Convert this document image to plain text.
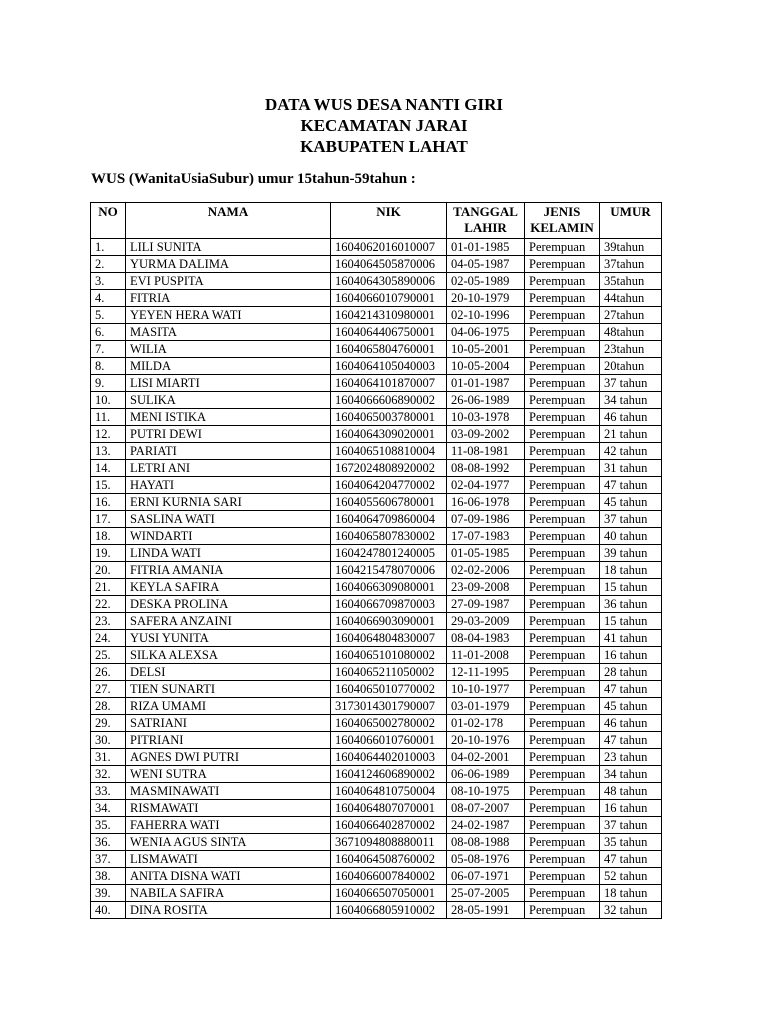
DATA WUS DESA NANTI GIRI
KECAMATAN JARAI
KABUPATEN LAHAT
WUS (WanitaUsiaSubur) umur 15tahun-59tahun :
NO	NAMA	NIK	TANGGAL LAHIR	JENIS KELAMIN	UMUR
1.	LILI SUNITA	1604062016010007	01-01-1985	Perempuan	39tahun
2.	YURMA DALIMA	1604064505870006	04-05-1987	Perempuan	37tahun
3.	EVI PUSPITA	1604064305890006	02-05-1989	Perempuan	35tahun
4.	FITRIA	1604066010790001	20-10-1979	Perempuan	44tahun
5.	YEYEN HERA WATI	1604214310980001	02-10-1996	Perempuan	27tahun
6.	MASITA	1604064406750001	04-06-1975	Perempuan	48tahun
7.	WILIA	1604065804760001	10-05-2001	Perempuan	23tahun
8.	MILDA	1604064105040003	10-05-2004	Perempuan	20tahun
9.	LISI MIARTI	1604064101870007	01-01-1987	Perempuan	37 tahun
10.	SULIKA	1604066606890002	26-06-1989	Perempuan	34 tahun
11.	MENI ISTIKA	1604065003780001	10-03-1978	Perempuan	46 tahun
12.	PUTRI DEWI	1604064309020001	03-09-2002	Perempuan	21 tahun
13.	PARIATI	1604065108810004	11-08-1981	Perempuan	42 tahun
14.	LETRI ANI	1672024808920002	08-08-1992	Perempuan	31 tahun
15.	HAYATI	1604064204770002	02-04-1977	Perempuan	47 tahun
16.	ERNI KURNIA SARI	1604055606780001	16-06-1978	Perempuan	45 tahun
17.	SASLINA WATI	1604064709860004	07-09-1986	Perempuan	37 tahun
18.	WINDARTI	1604065807830002	17-07-1983	Perempuan	40 tahun
19.	LINDA WATI	1604247801240005	01-05-1985	Perempuan	39 tahun
20.	FITRIA AMANIA	1604215478070006	02-02-2006	Perempuan	18 tahun
21.	KEYLA SAFIRA	1604066309080001	23-09-2008	Perempuan	15 tahun
22.	DESKA PROLINA	1604066709870003	27-09-1987	Perempuan	36 tahun
23.	SAFERA ANZAINI	1604066903090001	29-03-2009	Perempuan	15 tahun
24.	YUSI YUNITA	1604064804830007	08-04-1983	Perempuan	41 tahun
25.	SILKA ALEXSA	1604065101080002	11-01-2008	Perempuan	16 tahun
26.	DELSI	1604065211050002	12-11-1995	Perempuan	28 tahun
27.	TIEN SUNARTI	1604065010770002	10-10-1977	Perempuan	47 tahun
28.	RIZA UMAMI	3173014301790007	03-01-1979	Perempuan	45 tahun
29.	SATRIANI	1604065002780002	01-02-178	Perempuan	46 tahun
30.	PITRIANI	1604066010760001	20-10-1976	Perempuan	47 tahun
31.	AGNES DWI PUTRI	1604064402010003	04-02-2001	Perempuan	23 tahun
32.	WENI SUTRA	1604124606890002	06-06-1989	Perempuan	34 tahun
33.	MASMINAWATI	1604064810750004	08-10-1975	Perempuan	48 tahun
34.	RISMAWATI	1604064807070001	08-07-2007	Perempuan	16 tahun
35.	FAHERRA WATI	1604066402870002	24-02-1987	Perempuan	37 tahun
36.	WENIA AGUS SINTA	3671094808880011	08-08-1988	Perempuan	35 tahun
37.	LISMAWATI	1604064508760002	05-08-1976	Perempuan	47 tahun
38.	ANITA DISNA WATI	1604066007840002	06-07-1971	Perempuan	52 tahun
39.	NABILA SAFIRA	1604066507050001	25-07-2005	Perempuan	18 tahun
40.	DINA ROSITA	1604066805910002	28-05-1991	Perempuan	32 tahun
